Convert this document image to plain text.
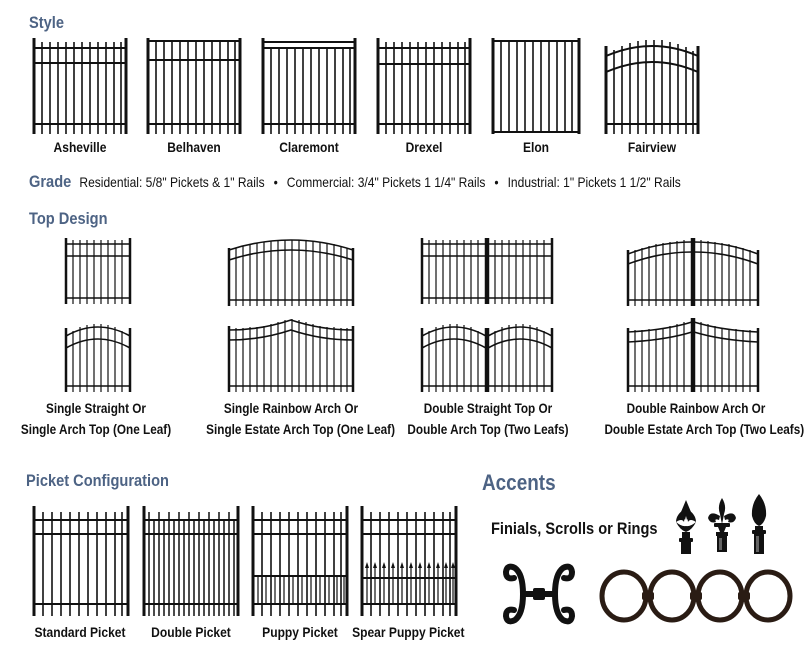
Style
Asheville	Belhaven	Claremont	Drexel	Elon	Fairview
Grade Residential: 5/8" Pickets & 1" Rails • Commercial: 3/4" Pickets 1 1/4" Rails • Industrial: 1" Pickets 1 1/2" Rails
Top Design
Single Straight Or
Single Arch Top (One Leaf)
Single Rainbow Arch Or
Single Estate Arch Top (One Leaf)
Double Straight Top Or
Double Arch Top (Two Leafs)
Double Rainbow Arch Or
Double Estate Arch Top (Two Leafs)
Picket Configuration
Standard Picket	Double Picket	Puppy Picket	Spear Puppy Picket
Accents
Finials, Scrolls or Rings
